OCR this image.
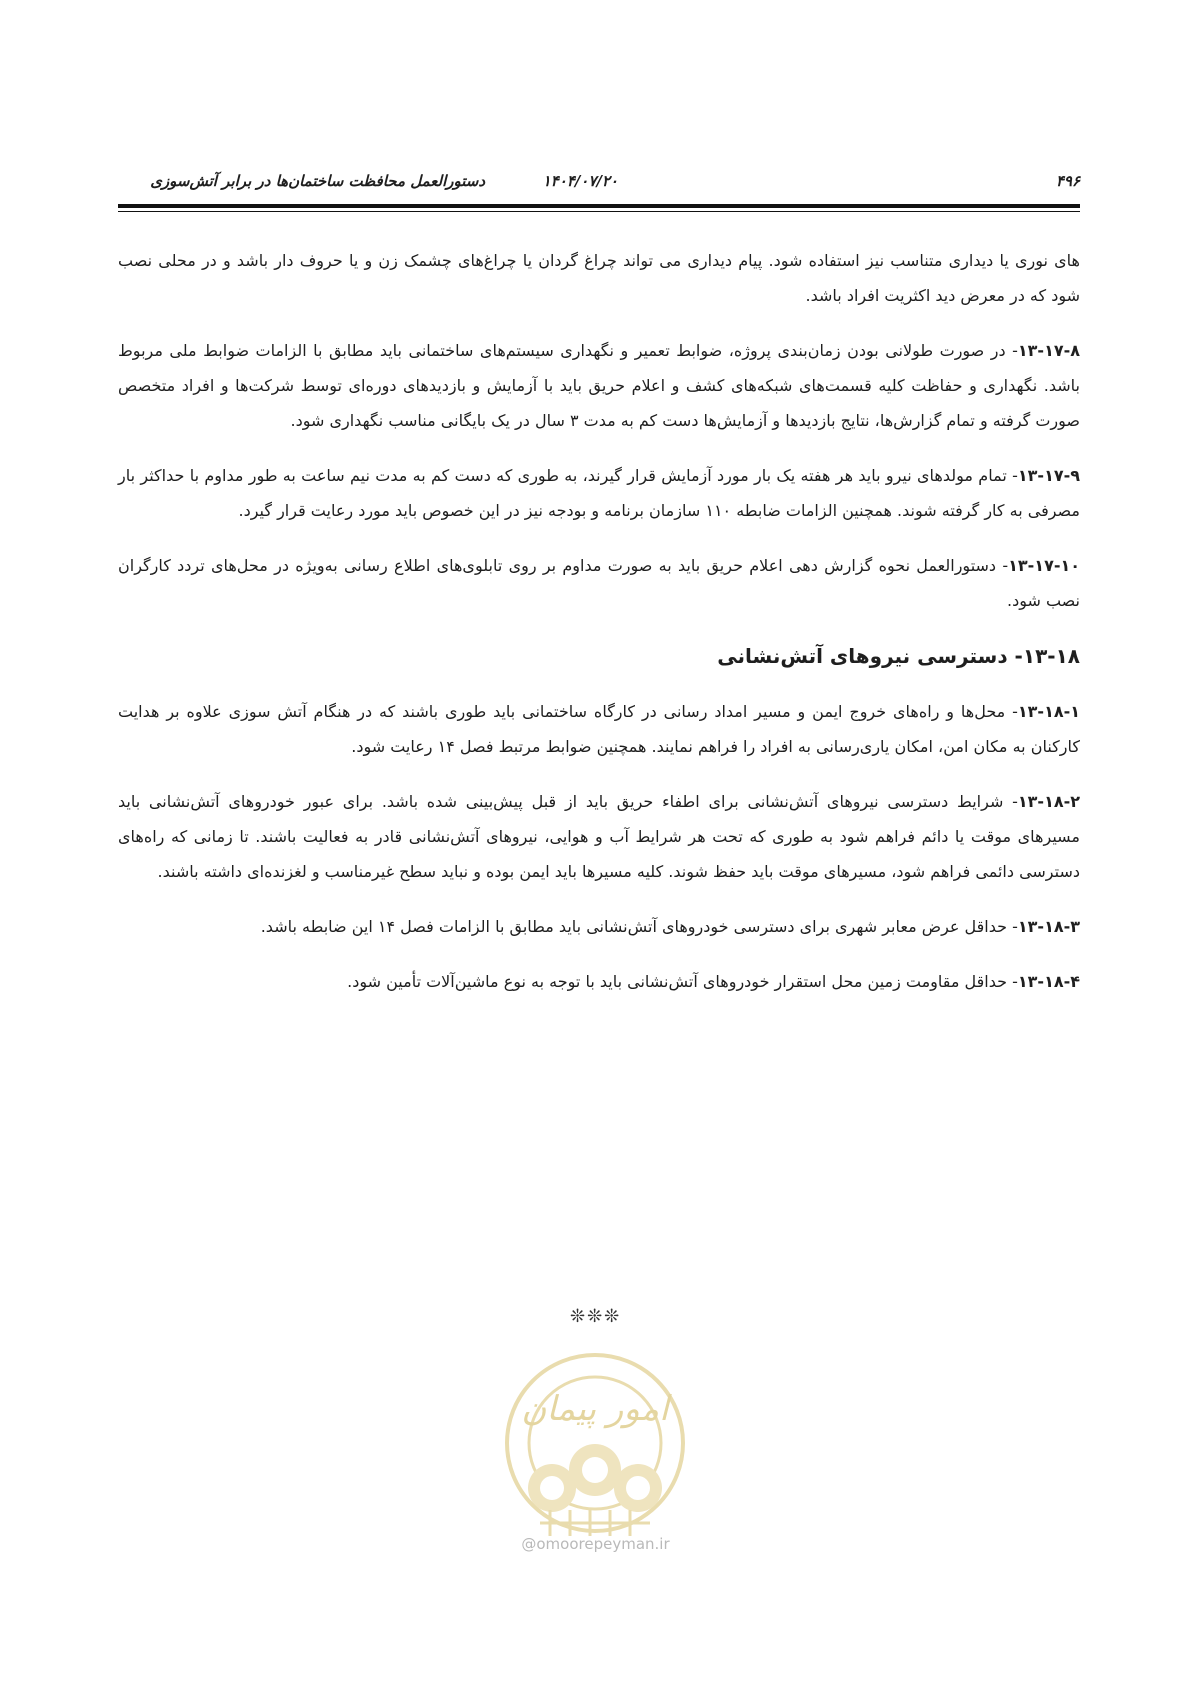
۴۹۶
دستورالعمل محافظت ساختمان‌ها در برابر آتش‌سوزی	۱۴۰۴/۰۷/۲۰

های نوری یا دیداری متناسب نیز استفاده شود. پیام دیداری می تواند چراغ گردان یا چراغ‌های چشمک زن و یا حروف دار باشد و در محلی نصب شود که در معرض دید اکثریت افراد باشد.

۱۳-۱۷-۸- در صورت طولانی بودن زمان‌بندی پروژه، ضوابط تعمیر و نگهداری سیستم‌های ساختمانی باید مطابق با الزامات ضوابط ملی مربوط باشد. نگهداری و حفاظت کلیه قسمت‌های شبکه‌های کشف و اعلام حریق باید با آزمایش و بازدیدهای دوره‌ای توسط شرکت‌ها و افراد متخصص صورت گرفته و تمام گزارش‌ها، نتایج بازدیدها و آزمایش‌ها دست کم به مدت ۳ سال در یک بایگانی مناسب نگهداری شود.

۱۳-۱۷-۹- تمام مولدهای نیرو باید هر هفته یک بار مورد آزمایش قرار گیرند، به طوری که دست کم به مدت نیم ساعت به طور مداوم با حداکثر بار مصرفی به کار گرفته شوند. همچنین الزامات ضابطه ۱۱۰ سازمان برنامه و بودجه نیز در این خصوص باید مورد رعایت قرار گیرد.

۱۳-۱۷-۱۰- دستورالعمل نحوه گزارش دهی اعلام حریق باید به صورت مداوم بر روی تابلوی‌های اطلاع رسانی به‌ویژه در محل‌های تردد کارگران نصب شود.

۱۳-۱۸- دسترسی نیروهای آتش‌نشانی

۱۳-۱۸-۱- محل‌ها و راه‌های خروج ایمن و مسیر امداد رسانی در کارگاه ساختمانی باید طوری باشند که در هنگام آتش سوزی علاوه بر هدایت کارکنان به مکان امن، امکان یاری‌رسانی به افراد را فراهم نمایند. همچنین ضوابط مرتبط فصل ۱۴ رعایت شود.

۱۳-۱۸-۲- شرایط دسترسی نیروهای آتش‌نشانی برای اطفاء حریق باید از قبل پیش‌بینی شده باشد. برای عبور خودروهای آتش‌نشانی باید مسیرهای موقت یا دائم فراهم شود به طوری که تحت هر شرایط آب و هوایی، نیروهای آتش‌نشانی قادر به فعالیت باشند. تا زمانی که راه‌های دسترسی دائمی فراهم شود، مسیرهای موقت باید حفظ شوند. کلیه مسیرها باید ایمن بوده و نباید سطح غیرمناسب و لغزنده‌ای داشته باشند.

۱۳-۱۸-۳- حداقل عرض معابر شهری برای دسترسی خودروهای آتش‌نشانی باید مطابق با الزامات فصل ۱۴ این ضابطه باشد.

۱۳-۱۸-۴- حداقل مقاومت زمین محل استقرار خودروهای آتش‌نشانی باید با توجه به نوع ماشین‌آلات تأمین شود.

❊❊❊
امور پیمان
@omoorepeyman.ir
